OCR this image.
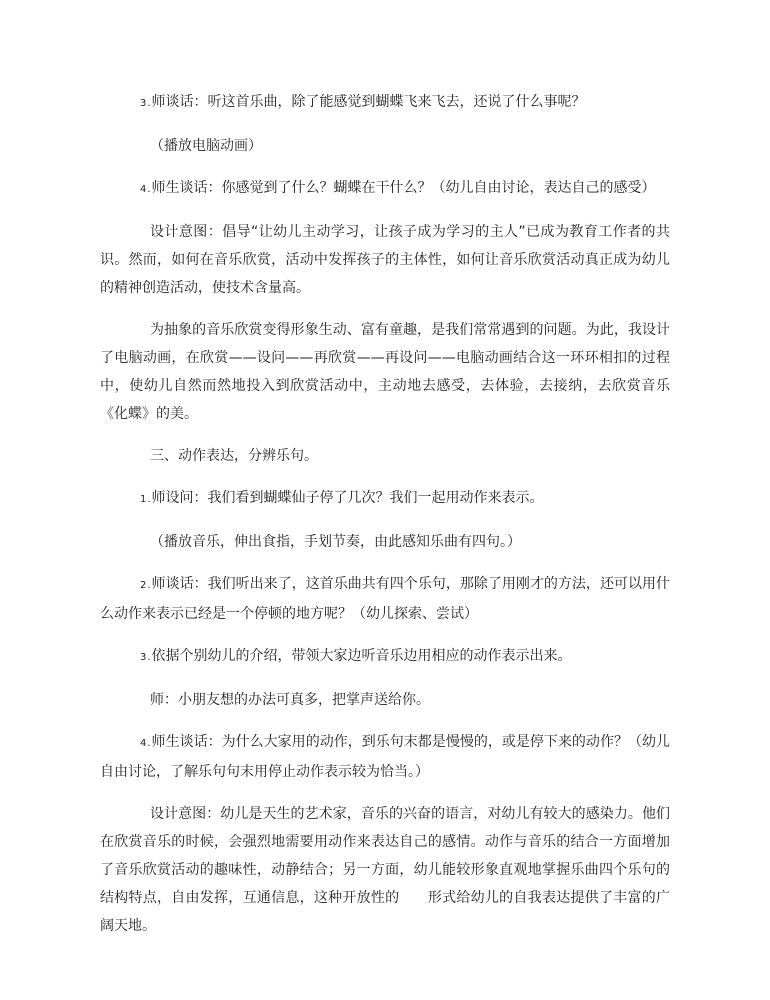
3.师谈话：听这首乐曲，除了能感觉到蝴蝶飞来飞去，还说了什么事呢？

（播放电脑动画）

4.师生谈话：你感觉到了什么？蝴蝶在干什么？（幼儿自由讨论，表达自己的感受）

设计意图：倡导“让幼儿主动学习，让孩子成为学习的主人”已成为教育工作者的共识。然而，如何在音乐欣赏，活动中发挥孩子的主体性，如何让音乐欣赏活动真正成为幼儿的精神创造活动，使技术含量高。

为抽象的音乐欣赏变得形象生动、富有童趣，是我们常常遇到的问题。为此，我设计了电脑动画，在欣赏——设问——再欣赏——再设问——电脑动画结合这一环环相扣的过程中，使幼儿自然而然地投入到欣赏活动中，主动地去感受，去体验，去接纳，去欣赏音乐《化蝶》的美。

三、动作表达，分辨乐句。

1.师设问：我们看到蝴蝶仙子停了几次？我们一起用动作来表示。

（播放音乐，伸出食指，手划节奏，由此感知乐曲有四句。）

2.师谈话：我们听出来了，这首乐曲共有四个乐句，那除了用刚才的方法，还可以用什么动作来表示已经是一个停顿的地方呢？（幼儿探索、尝试）

3.依据个别幼儿的介绍，带领大家边听音乐边用相应的动作表示出来。

师：小朋友想的办法可真多，把掌声送给你。

4.师生谈话：为什么大家用的动作，到乐句末都是慢慢的，或是停下来的动作？（幼儿自由讨论，了解乐句句末用停止动作表示较为恰当。）

设计意图：幼儿是天生的艺术家，音乐的兴奋的语言，对幼儿有较大的感染力。他们在欣赏音乐的时候，会强烈地需要用动作来表达自己的感情。动作与音乐的结合一方面增加了音乐欣赏活动的趣味性，动静结合；另一方面，幼儿能较形象直观地掌握乐曲四个乐句的结构特点，自由发挥，互通信息，这种开放性的　　形式给幼儿的自我表达提供了丰富的广阔天地。
